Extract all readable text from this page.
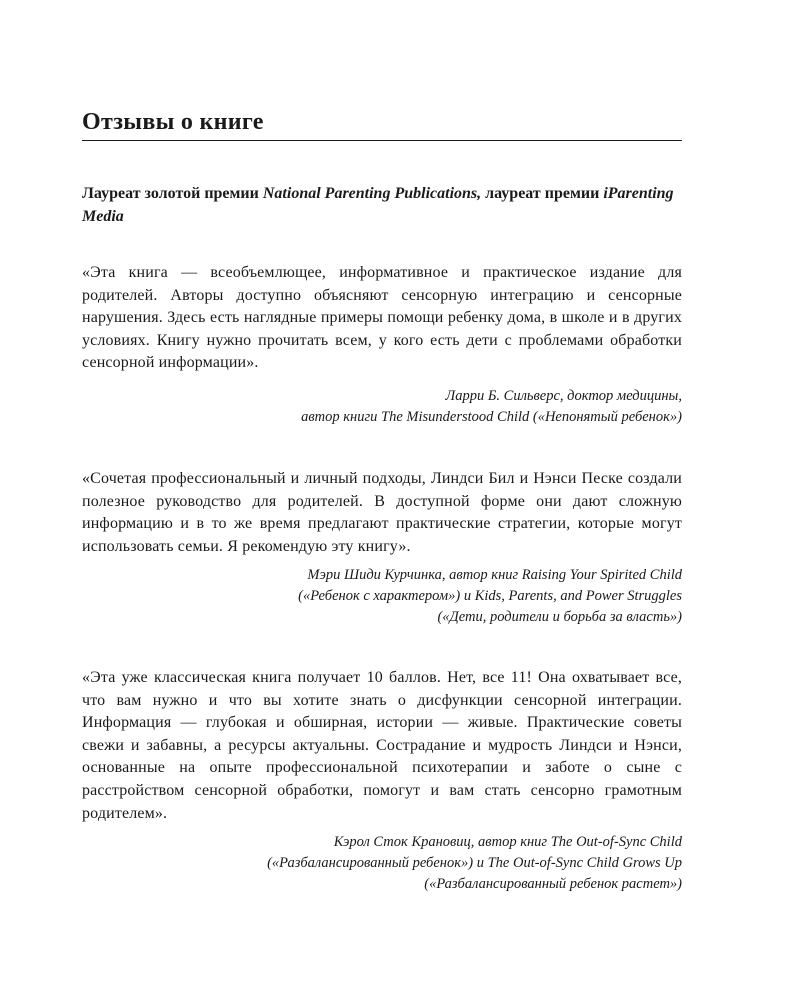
Отзывы о книге
Лауреат золотой премии National Parenting Publications, лауреат премии iParenting Media

«Эта книга — всеобъемлющее, информативное и практическое издание для родителей. Авторы доступно объясняют сенсорную интеграцию и сенсорные нарушения. Здесь есть наглядные примеры помощи ребенку дома, в школе и в других условиях. Книгу нужно прочитать всем, у кого есть дети с проблемами обработки сенсорной информации».

Ларри Б. Сильверс, доктор медицины,
автор книги The Misunderstood Child («Непонятый ребенок»)

«Сочетая профессиональный и личный подходы, Линдси Бил и Нэнси Песке создали полезное руководство для родителей. В доступной форме они дают сложную информацию и в то же время предлагают практические стратегии, которые могут использовать семьи. Я рекомендую эту книгу».

Мэри Шиди Курчинка, автор книг Raising Your Spirited Child
(«Ребенок с характером») и Kids, Parents, and Power Struggles
(«Дети, родители и борьба за власть»)

«Эта уже классическая книга получает 10 баллов. Нет, все 11! Она охватывает все, что вам нужно и что вы хотите знать о дисфункции сенсорной интеграции. Информация — глубокая и обширная, истории — живые. Практические советы свежи и забавны, а ресурсы актуальны. Сострадание и мудрость Линдси и Нэнси, основанные на опыте профессиональной психотерапии и заботе о сыне с расстройством сенсорной обработки, помогут и вам стать сенсорно грамотным родителем».

Кэрол Сток Крановиц, автор книг The Out-of-Sync Child
(«Разбалансированный ребенок») и The Out-of-Sync Child Grows Up
(«Разбалансированный ребенок растет»)
